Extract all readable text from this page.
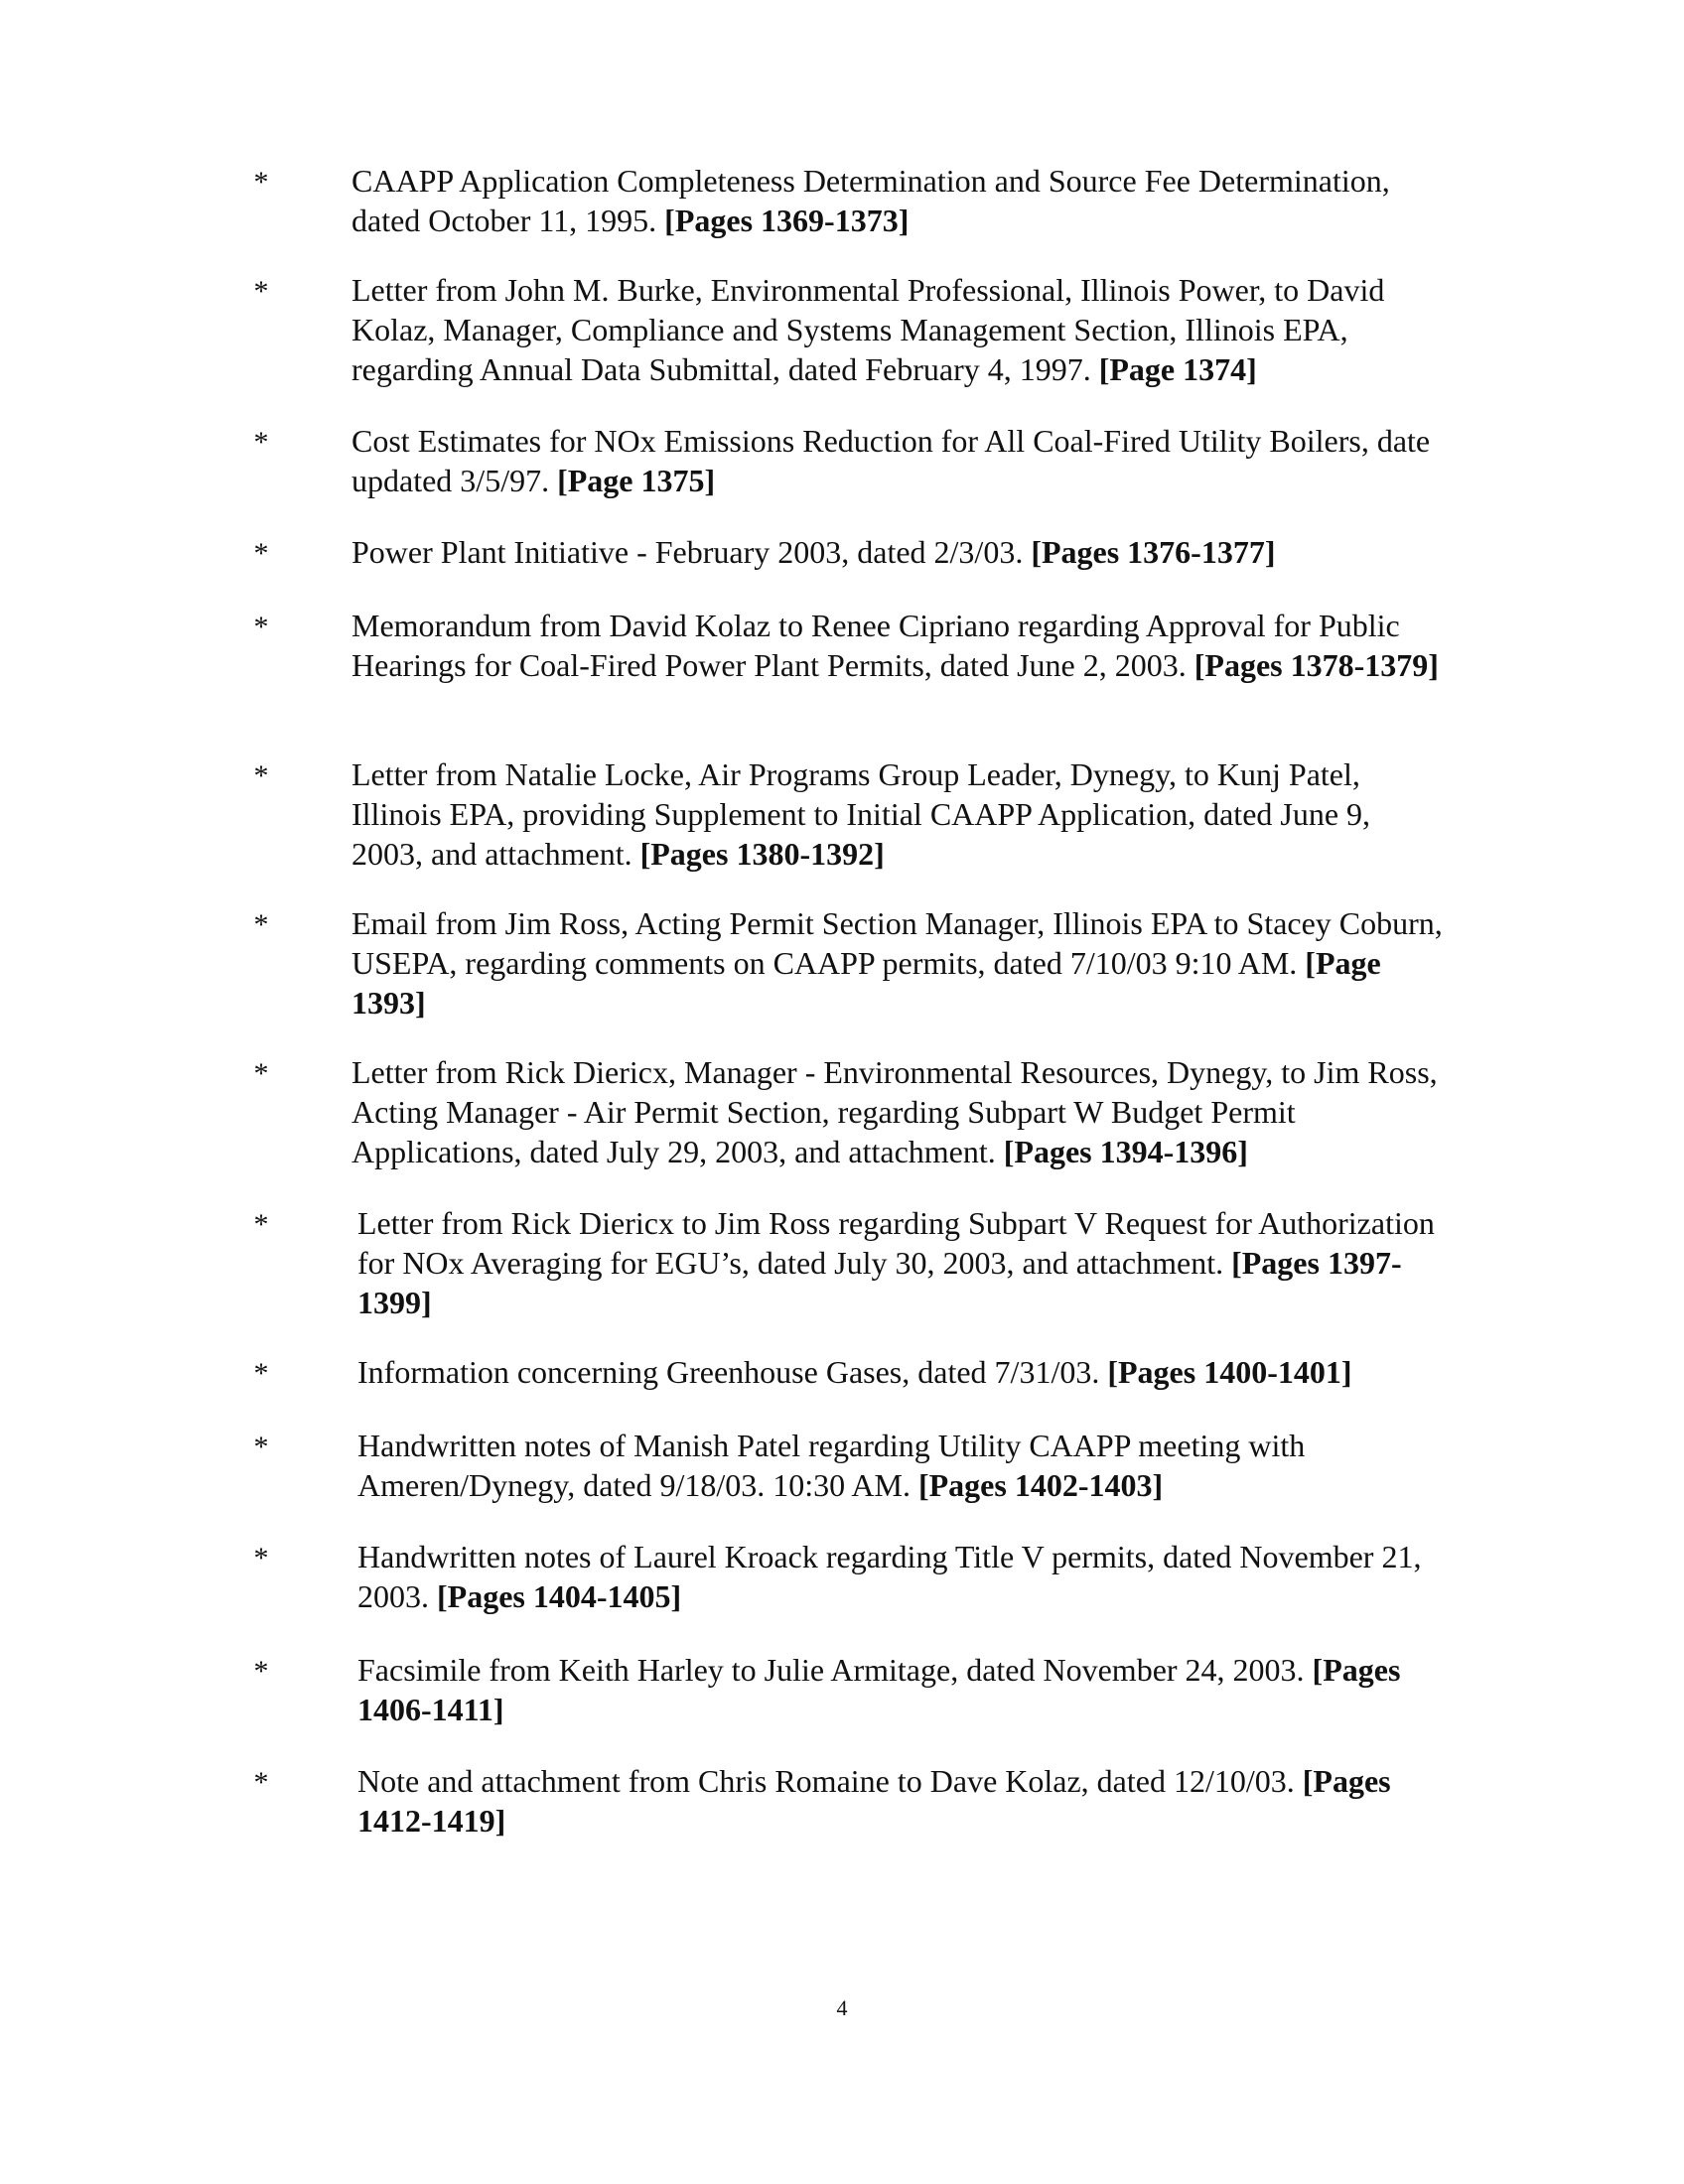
*	CAAPP Application Completeness Determination and Source Fee Determination, dated October 11, 1995. [Pages 1369-1373]
*	Letter from John M. Burke, Environmental Professional, Illinois Power, to David Kolaz, Manager, Compliance and Systems Management Section, Illinois EPA, regarding Annual Data Submittal, dated February 4, 1997. [Page 1374]
*	Cost Estimates for NOx Emissions Reduction for All Coal-Fired Utility Boilers, date updated 3/5/97. [Page 1375]
*	Power Plant Initiative - February 2003, dated 2/3/03. [Pages 1376-1377]
*	Memorandum from David Kolaz to Renee Cipriano regarding Approval for Public Hearings for Coal-Fired Power Plant Permits, dated June 2, 2003. [Pages 1378-1379]
*	Letter from Natalie Locke, Air Programs Group Leader, Dynegy, to Kunj Patel, Illinois EPA, providing Supplement to Initial CAAPP Application, dated June 9, 2003, and attachment. [Pages 1380-1392]
*	Email from Jim Ross, Acting Permit Section Manager, Illinois EPA to Stacey Coburn, USEPA, regarding comments on CAAPP permits, dated 7/10/03 9:10 AM. [Page 1393]
*	Letter from Rick Diericx, Manager - Environmental Resources, Dynegy, to Jim Ross, Acting Manager - Air Permit Section, regarding Subpart W Budget Permit Applications, dated July 29, 2003, and attachment. [Pages 1394-1396]
*	Letter from Rick Diericx to Jim Ross regarding Subpart V Request for Authorization for NOx Averaging for EGU’s, dated July 30, 2003, and attachment. [Pages 1397-1399]
*	Information concerning Greenhouse Gases, dated 7/31/03. [Pages 1400-1401]
*	Handwritten notes of Manish Patel regarding Utility CAAPP meeting with Ameren/Dynegy, dated 9/18/03. 10:30 AM. [Pages 1402-1403]
*	Handwritten notes of Laurel Kroack regarding Title V permits, dated November 21, 2003. [Pages 1404-1405]
*	Facsimile from Keith Harley to Julie Armitage, dated November 24, 2003. [Pages 1406-1411]
*	Note and attachment from Chris Romaine to Dave Kolaz, dated 12/10/03. [Pages 1412-1419]
4
